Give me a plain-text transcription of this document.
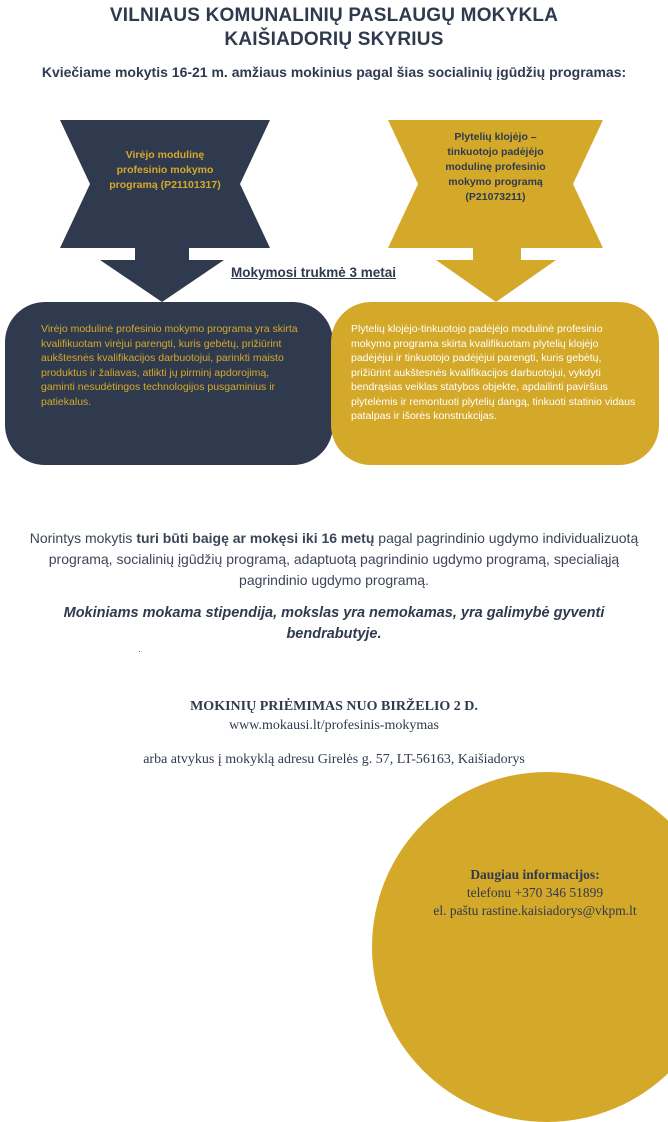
VILNIAUS KOMUNALINIŲ PASLAUGŲ MOKYKLA
KAIŠIADORIŲ SKYRIUS
Kviečiame mokytis 16-21 m. amžiaus mokinius pagal šias socialinių įgūdžių programas:
Virėjo modulinę
profesinio mokymo
programą (P21101317)
Plytelių klojėjo –
tinkuotojo padėjėjo
modulinę profesinio
mokymo programą
(P21073211)
Mokymosi trukmė 3 metai
Virėjo modulinė profesinio mokymo programa yra skirta kvalifikuotam virėjui parengti, kuris gebėtų, prižiūrint aukštesnės kvalifikacijos darbuotojui, parinkti maisto produktus ir žaliavas, atlikti jų pirminį apdorojimą, gaminti nesudėtingos technologijos pusgaminius ir patiekalus.
Plytelių klojėjo-tinkuotojo padėjėjo modulinė profesinio mokymo programa skirta kvalifikuotam plytelių klojėjo padėjėjui ir tinkuotojo padėjėjui parengti, kuris gebėtų, prižiūrint aukštesnės kvalifikacijos darbuotojui, vykdyti bendrąsias veiklas statybos objekte, apdailinti paviršius plytelėmis ir remontuoti plytelių dangą, tinkuoti statinio vidaus patalpas ir išorės konstrukcijas.
Norintys mokytis turi būti baigę ar mokęsi iki 16 metų pagal pagrindinio ugdymo individualizuotą programą, socialinių įgūdžių programą, adaptuotą pagrindinio ugdymo programą, specialiąją pagrindinio ugdymo programą.
Mokiniams mokama stipendija, mokslas yra nemokamas, yra galimybė gyventi bendrabutyje.
MOKINIŲ PRIĖMIMAS NUO BIRŽELIO 2 D.
www.mokausi.lt/profesinis-mokymas
arba atvykus į mokyklą adresu Girelės g. 57, LT-56163, Kaišiadorys
Daugiau informacijos:
telefonu +370 346 51899
el. paštu rastine.kaisiadorys@vkpm.lt
